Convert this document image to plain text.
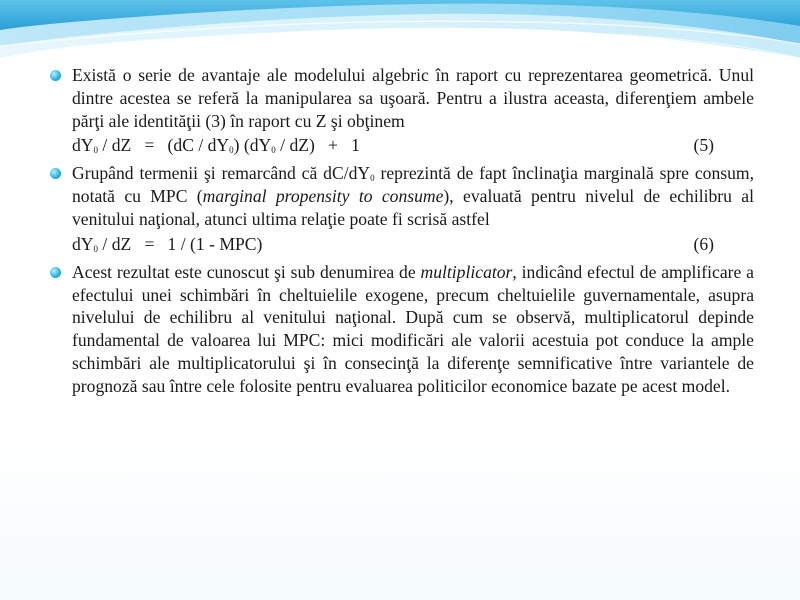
Există o serie de avantaje ale modelului algebric în raport cu reprezentarea geometrică. Unul dintre acestea se referă la manipularea sa uşoară. Pentru a ilustra aceasta, diferenţiem ambele părţi ale identităţii (3) în raport cu Z şi obţinem
$dY_0$ / dZ   =   $(dC / dY_0)$ $(dY_0 / dZ) + 1$	(5)
Grupând termenii şi remarcând că $dC/dY_0$ reprezintă de fapt înclinaţia marginală spre consum, notată cu MPC (marginal propensity to consume), evaluată pentru nivelul de echilibru al venitului naţional, atunci ultima relaţie poate fi scrisă astfel
$dY_0$ / dZ   =   1 / (1 - MPC)	(6)
Acest rezultat este cunoscut şi sub denumirea de multiplicator, indicând efectul de amplificare a efectului unei schimbări în cheltuielile exogene, precum cheltuielile guvernamentale, asupra nivelului de echilibru al venitului naţional. După cum se observă, multiplicatorul depinde fundamental de valoarea lui MPC: mici modificări ale valorii acestuia pot conduce la ample schimbări ale multiplicatorului şi în consecinţă la diferenţe semnificative între variantele de prognoză sau între cele folosite pentru evaluarea politicilor economice bazate pe acest model.
